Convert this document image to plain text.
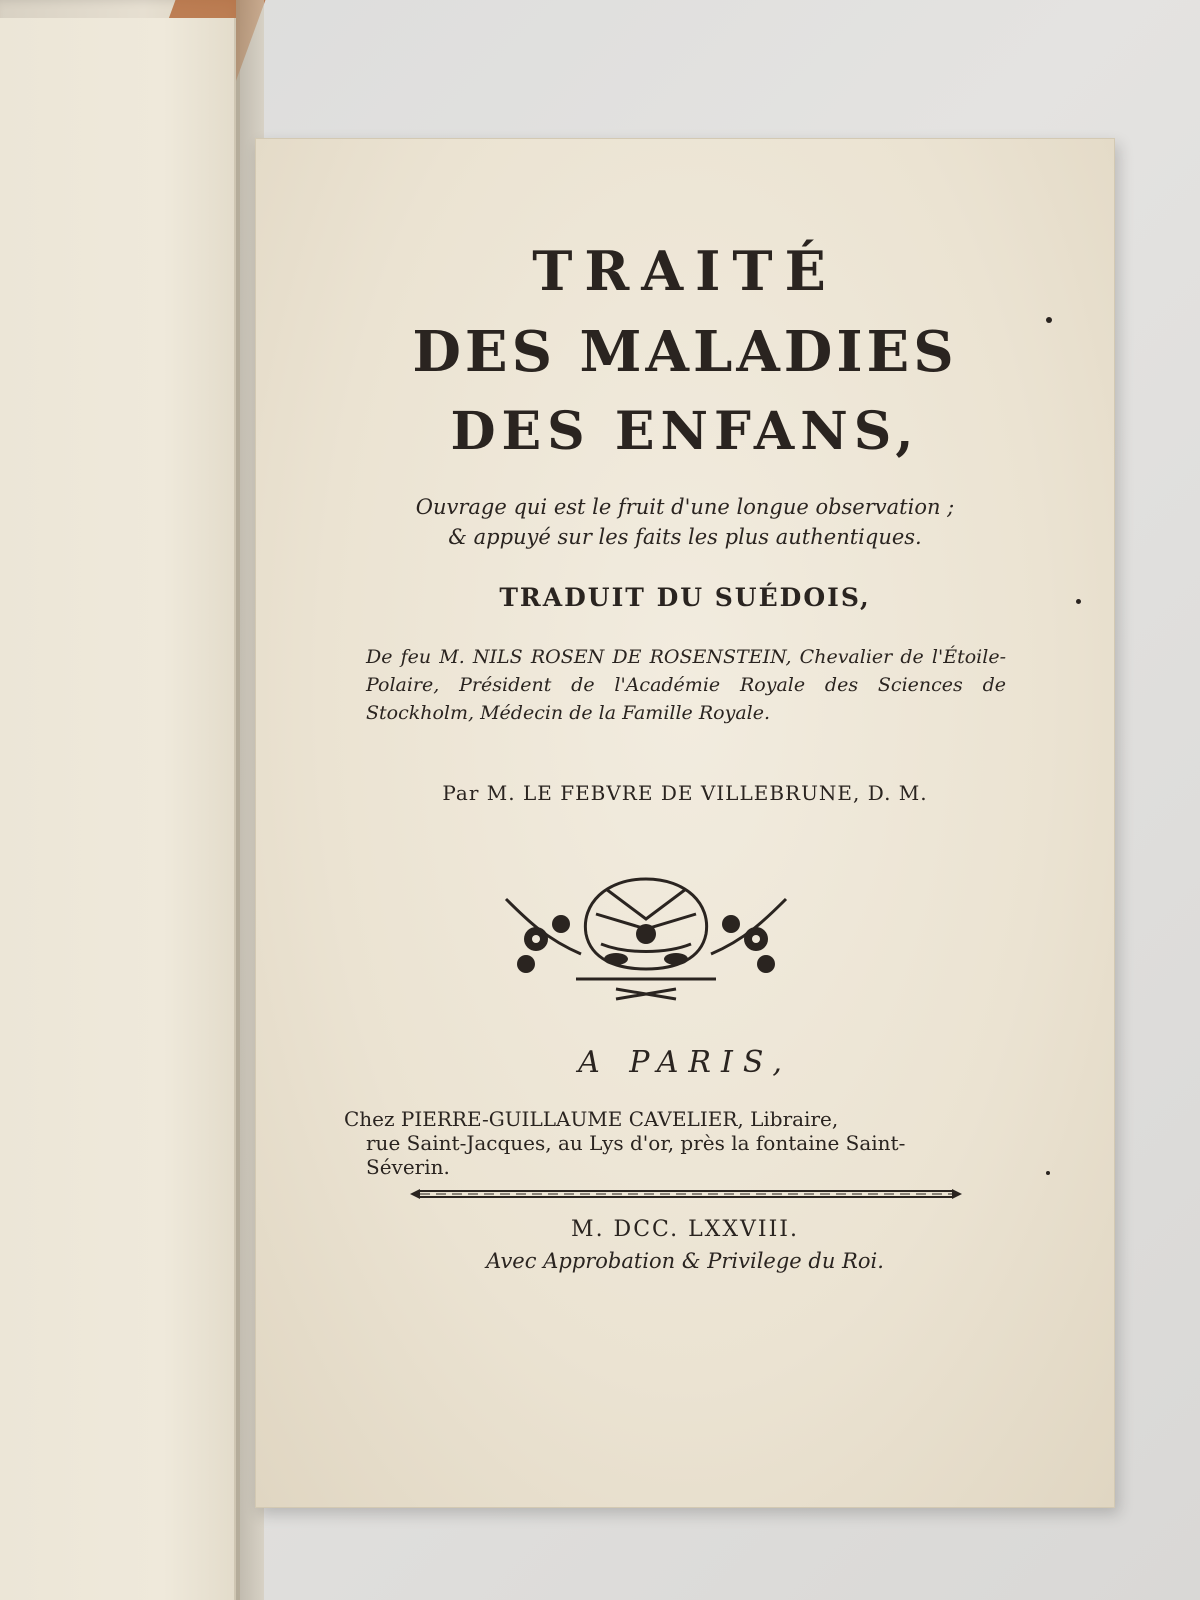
TRAITÉ
DES MALADIES
DES ENFANS,
Ouvrage qui est le fruit d'une longue observation ;
& appuyé sur les faits les plus authentiques.
TRADUIT DU SUÉDOIS,
De feu M. NILS ROSEN DE ROSENSTEIN, Chevalier de l'Étoile-Polaire, Président de l'Académie Royale des Sciences de Stockholm, Médecin de la Famille Royale.
Par M. LE FEBVRE DE VILLEBRUNE, D. M.
A PARIS,
Chez PIERRE-GUILLAUME CAVELIER, Libraire,
rue Saint-Jacques, au Lys d'or, près la fontaine Saint-
Séverin.
M. DCC. LXXVIII.
Avec Approbation & Privilege du Roi.
